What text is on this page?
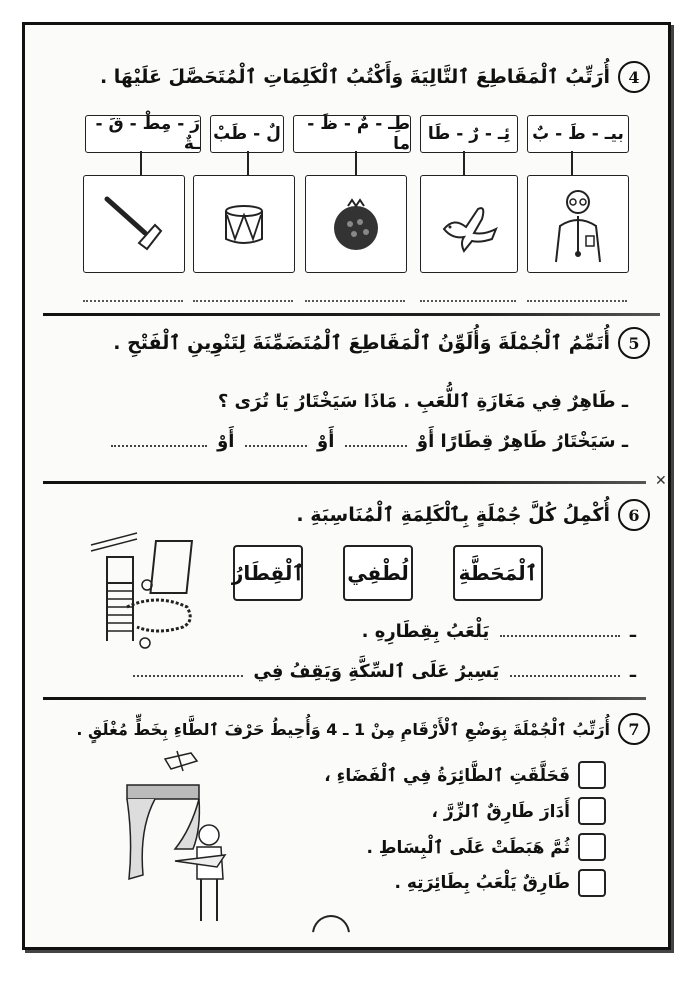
4
أُرَتِّبُ ٱلْمَقَاطِعَ ٱلتَّالِيَةَ وَأَكْتُبُ ٱلْكَلِمَاتِ ٱلْمُتَحَصَّلَ عَلَيْهَا .
بيـ - طَ - بٌ
ئِـ - رٌ - طَا
طِـ - مٌ - ظَ - ما
لٌ - طَبْ
رَ - مِطْ - قَ - ـةٌ
5
أُتَمِّمُ ٱلْجُمْلَةَ وَأُلَوِّنُ ٱلْمَقَاطِعَ ٱلْمُتَضَمِّنَةَ لِتَنْوِينِ ٱلْفَتْحِ .
ـ طَاهِرٌ فِي مَغَازَةِ ٱللُّعَبِ . مَاذَا سَيَخْتَارُ يَا تُرَى ؟
ـ سَيَخْتَارُ طَاهِرٌ قِطَارًا أَوْ  أَوْ  أَوْ
✕
6
أُكْمِلُ كُلَّ جُمْلَةٍ بِٱلْكَلِمَةِ ٱلْمُنَاسِبَةِ .
ٱلْمَحَطَّةِ
لُطْفِي
ٱلْقِطَارُ
ـ  يَلْعَبُ بِقِطَارِهِ .
ـ  يَسِيرُ عَلَى ٱلسِّكَّةِ وَيَقِفُ فِي
7
أُرَتِّبُ ٱلْجُمْلَةَ بِوَضْعِ ٱلْأَرْقَامِ مِنْ 1 ـ 4 وَأُحِيطُ حَرْفَ ٱلطَّاءِ بِخَطٍّ مُغْلَقٍ .
فَحَلَّقَتِ ٱلطَّائِرَةُ فِي ٱلْفَضَاءِ ،
أَدَارَ طَارِقٌ ٱلزِّرَّ ،
ثُمَّ هَبَطَتْ عَلَى ٱلْبِسَاطِ .
طَارِقٌ يَلْعَبُ بِطَائِرَتِهِ .
